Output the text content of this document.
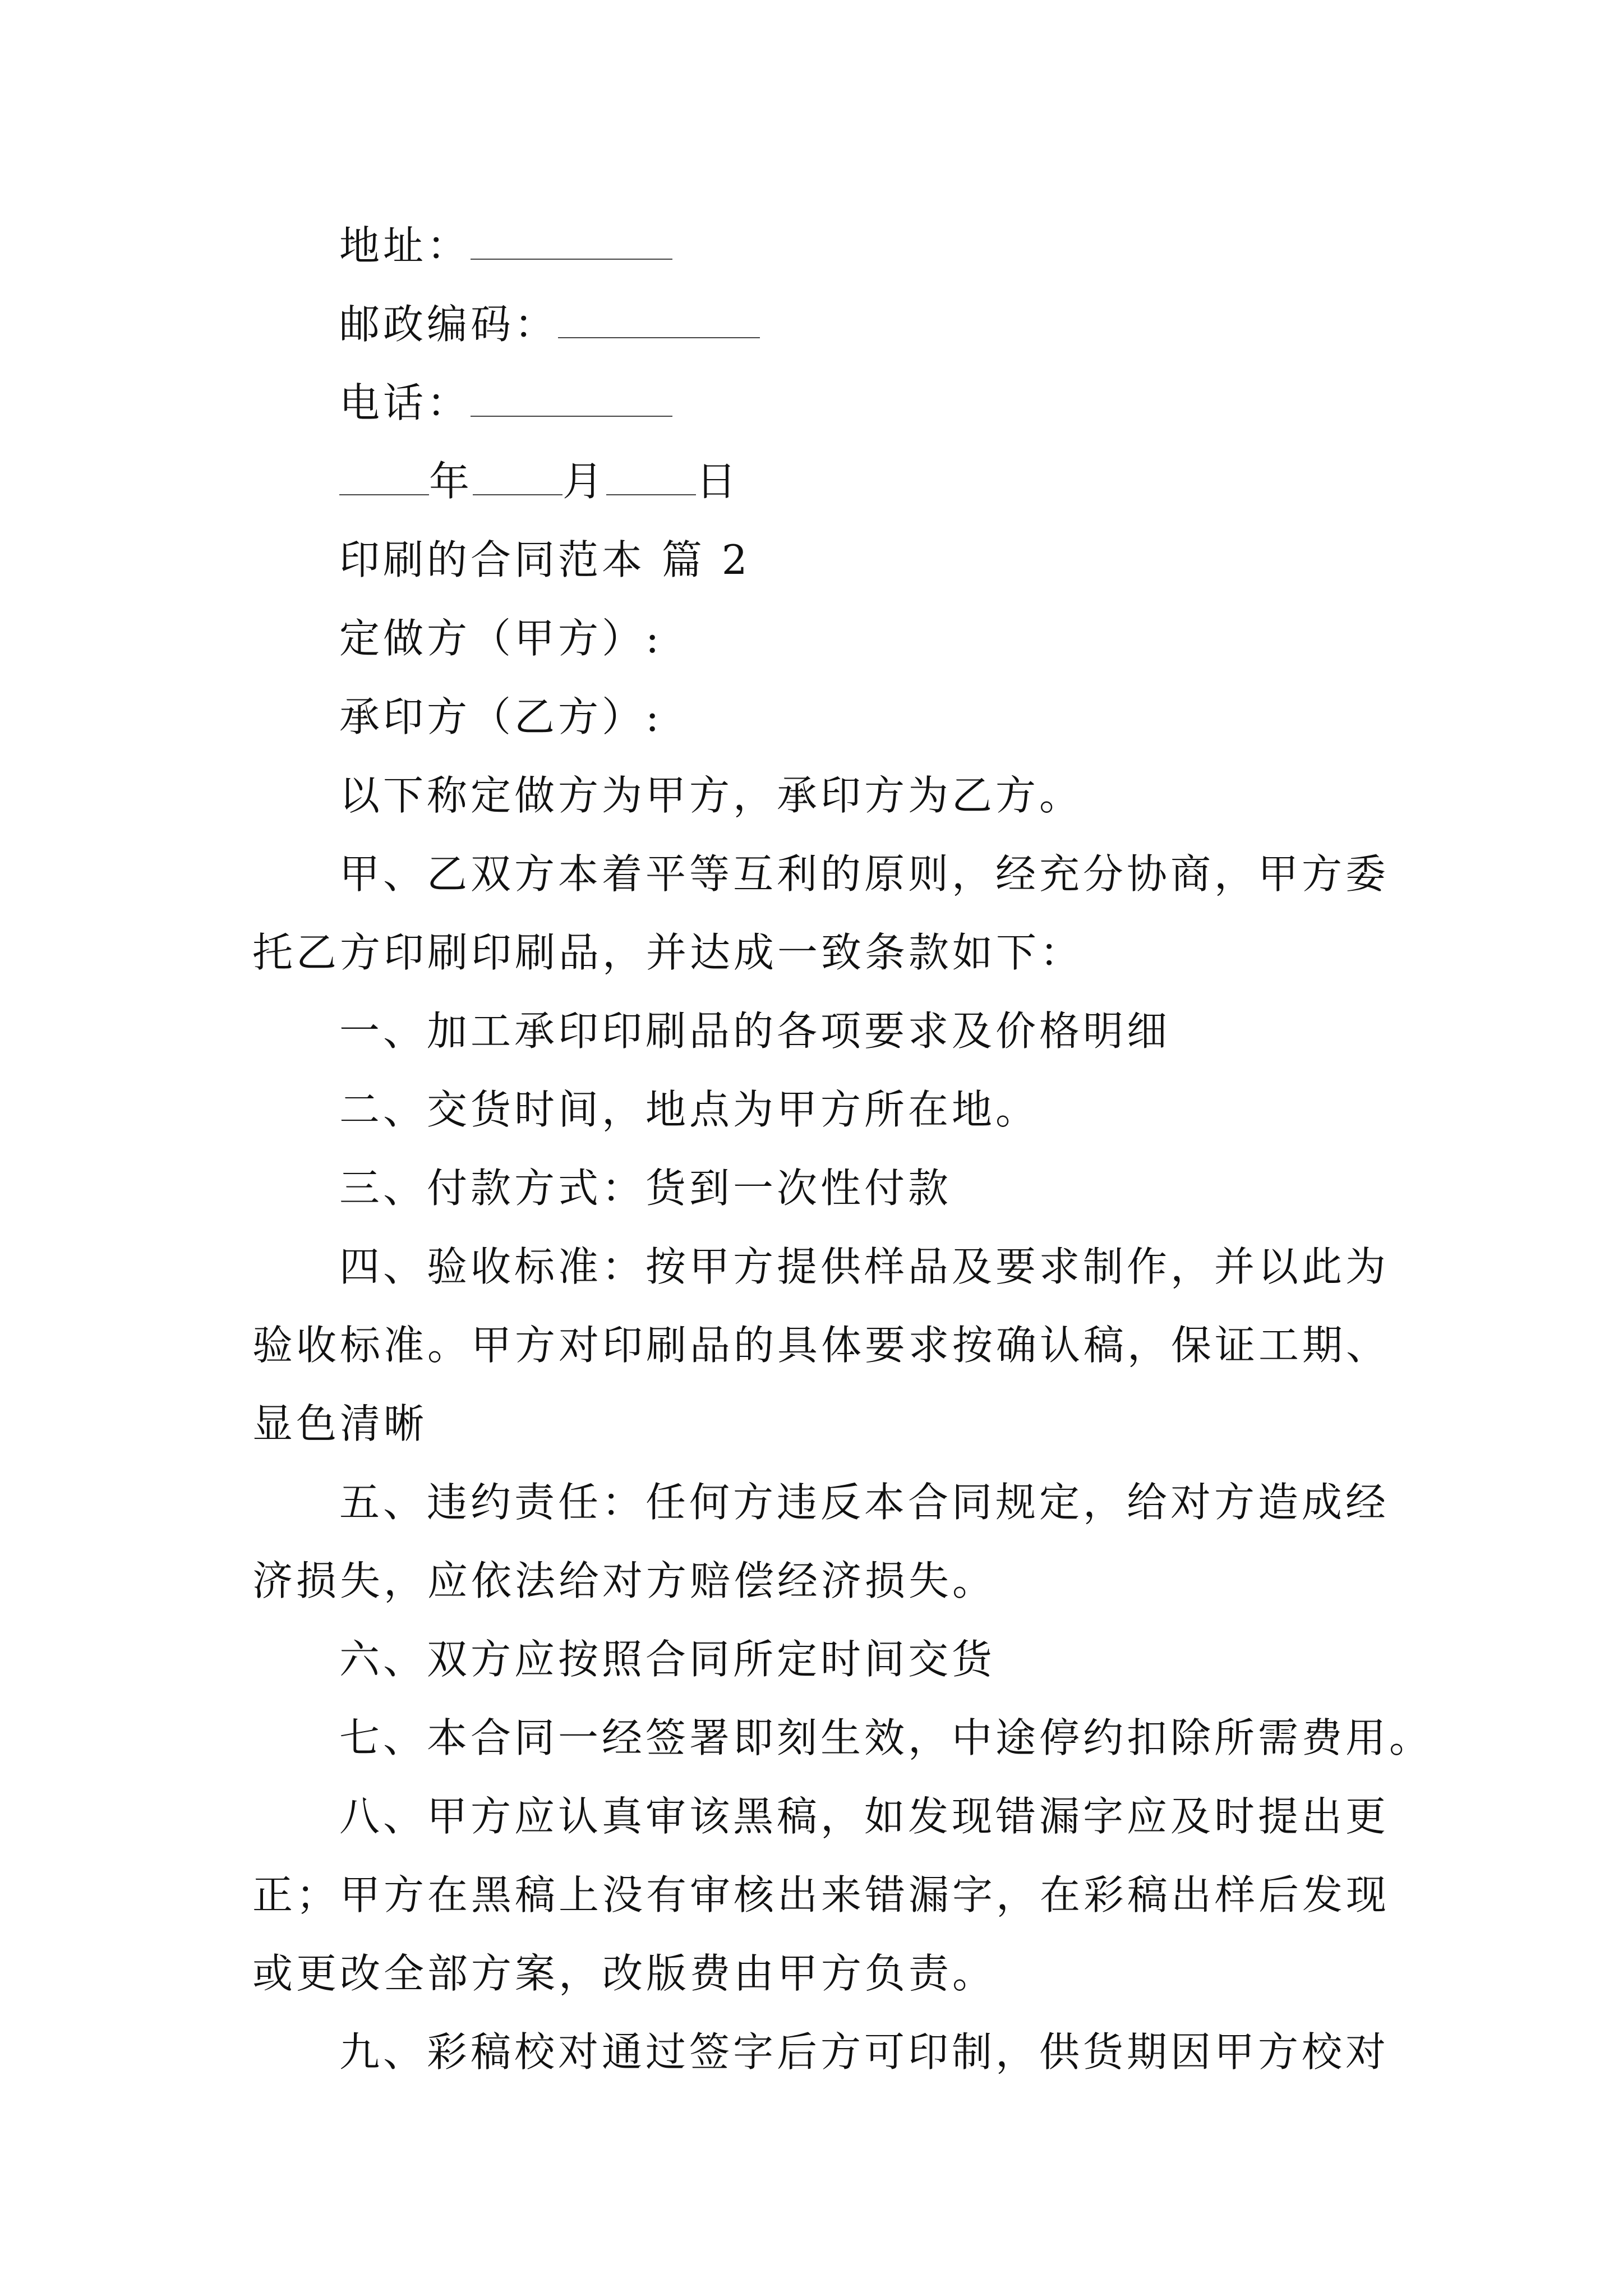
地址：
邮政编码：
电话：
年 月 日
印刷的合同范本 篇 2
定做方（甲方）:
承印方（乙方）:
以下称定做方为甲方，承印方为乙方。
甲、乙双方本着平等互利的原则，经充分协商，甲方委
托乙方印刷印刷品，并达成一致条款如下：
一、加工承印印刷品的各项要求及价格明细
二、交货时间，地点为甲方所在地。
三、付款方式：货到一次性付款
四、验收标准：按甲方提供样品及要求制作，并以此为
验收标准。甲方对印刷品的具体要求按确认稿，保证工期、
显色清晰
五、违约责任：任何方违反本合同规定，给对方造成经
济损失，应依法给对方赔偿经济损失。
六、双方应按照合同所定时间交货
七、本合同一经签署即刻生效，中途停约扣除所需费用。
八、甲方应认真审该黑稿，如发现错漏字应及时提出更
正；甲方在黑稿上没有审核出来错漏字，在彩稿出样后发现
或更改全部方案，改版费由甲方负责。
九、彩稿校对通过签字后方可印制，供货期因甲方校对
